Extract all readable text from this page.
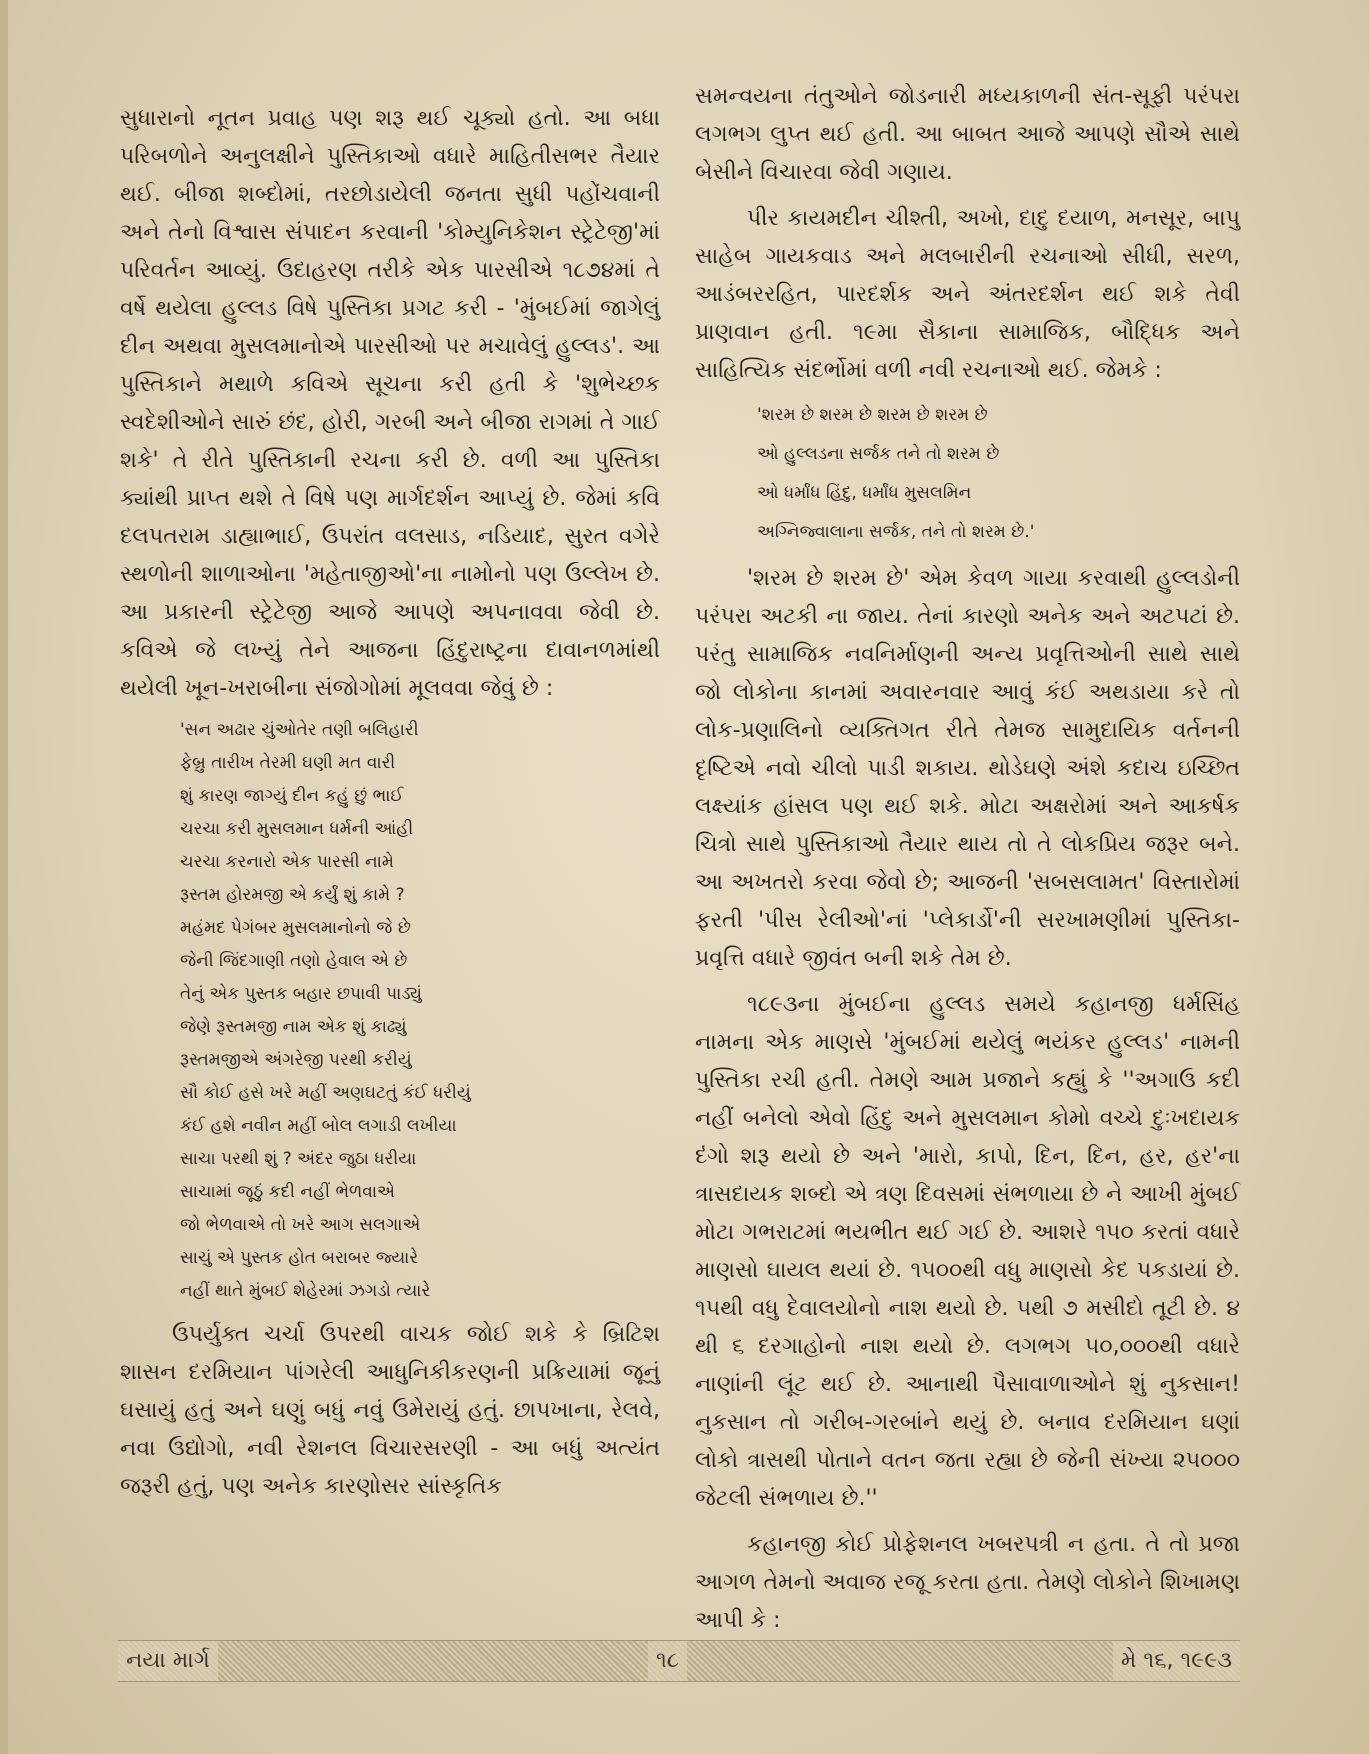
સુધારાનો નૂતન પ્રવાહ પણ શરૂ થઈ ચૂક્યો હતો. આ બધા પરિબળોને અનુલક્ષીને પુસ્તિકાઓ વધારે માહિતીસભર તૈયાર થઈ. બીજા શબ્દોમાં, તરછોડાયેલી જનતા સુધી પહોંચવાની અને તેનો વિશ્વાસ સંપાદન કરવાની 'કોમ્યુનિકેશન સ્ટ્રેટેજી'માં પરિવર્તન આવ્યું. ઉદાહરણ તરીકે એક પારસીએ ૧૮૭૪માં તે વર્ષે થયેલા હુલ્લડ વિષે પુસ્તિકા પ્રગટ કરી - 'મુંબઈમાં જાગેલું દીન અથવા મુસલમાનોએ પારસીઓ પર મચાવેલું હુલ્લડ'. આ પુસ્તિકાને મથાળે કવિએ સૂચના કરી હતી કે 'શુભેચ્છક સ્વદેશીઓને સારું છંદ, હોરી, ગરબી અને બીજા રાગમાં તે ગાઈ શકે' તે રીતે પુસ્તિકાની રચના કરી છે. વળી આ પુસ્તિકા ક્યાંથી પ્રાપ્ત થશે તે વિષે પણ માર્ગદર્શન આપ્યું છે. જેમાં કવિ દલપતરામ ડાહ્યાભાઈ, ઉપરાંત વલસાડ, નડિયાદ, સુરત વગેરે સ્થળોની શાળાઓના 'મહેતાજીઓ'ના નામોનો પણ ઉલ્લેખ છે. આ પ્રકારની સ્ટ્રેટેજી આજે આપણે અપનાવવા જેવી છે. કવિએ જે લખ્યું તેને આજના હિંદુરાષ્ટ્રના દાવાનળમાંથી થયેલી ખૂન-ખરાબીના સંજોગોમાં મૂલવવા જેવું છે :

'સન અઢાર ચુંઓતેર તણી બલિહારી
ફેબ્રુ તારીખ તેરમી ઘણી મત વારી
શું કારણ જાગ્યું દીન કહું છું ભાઈ
ચરચા કરી મુસલમાન ધર્મની આંહી
ચરચા કરનારો એક પારસી નામે
રૂસ્તમ હોરમજી એ કર્યું શું કામે ?
મહંમદ પેગંબર મુસલમાનોનો જે છે
જેની જિંદગાણી તણો હેવાલ એ છે
તેનું એક પુસ્તક બહાર છપાવી પાડ્યું
જેણે રૂસ્તમજી નામ એક શું કાઢ્યું
રૂસ્તમજીએ અંગરેજી પરથી કરીયું
સૌ કોઈ હસે ખરે મહીં અણઘટતું કંઈ ધરીયું
કંઈ હશે નવીન મહીં બોલ લગાડી લખીયા
સાચા પરથી શું ? અંદર જુઠા ધરીયા
સાચામાં જૂઠું કદી નહીં ભેળવાએ
જો ભેળવાએ તો ખરે આગ સલગાએ
સાચું એ પુસ્તક હોત બરાબર જ્યારે
નહીં થાતે મુંબઈ શેહેરમાં ઝગડો ત્યારે

ઉપર્યુક્ત ચર્ચા ઉપરથી વાચક જોઈ શકે કે બ્રિટિશ શાસન દરમિયાન પાંગરેલી આધુનિકીકરણની પ્રક્રિયામાં જૂનું ઘસાયું હતું અને ઘણું બધું નવું ઉમેરાયું હતું. છાપખાના, રેલવે, નવા ઉદ્યોગો, નવી રેશનલ વિચારસરણી - આ બધું અત્યંત જરૂરી હતું, પણ અનેક કારણોસર સાંસ્કૃતિક

સમન્વયના તંતુઓને જોડનારી મધ્યકાળની સંત-સૂફી પરંપરા લગભગ લુપ્ત થઈ હતી. આ બાબત આજે આપણે સૌએ સાથે બેસીને વિચારવા જેવી ગણાય.

પીર કાયમદીન ચીશ્તી, અખો, દાદુ દયાળ, મનસૂર, બાપુ સાહેબ ગાયકવાડ અને મલબારીની રચનાઓ સીધી, સરળ, આડંબરરહિત, પારદર્શક અને અંતરદર્શન થઈ શકે તેવી પ્રાણવાન હતી. ૧૯મા સૈકાના સામાજિક, બૌદ્ધિક અને સાહિત્યિક સંદર્ભોમાં વળી નવી રચનાઓ થઈ. જેમકે :

'શરમ છે શરમ છે શરમ છે શરમ છે
ઓ હુલ્લડના સર્જક તને તો શરમ છે
ઓ ધર્માંધ હિંદુ, ધર્માંધ મુસલમિન
અગ્નિજ્વાલાના સર્જક, તને તો શરમ છે.'

'શરમ છે શરમ છે' એમ કેવળ ગાયા કરવાથી હુલ્લડોની પરંપરા અટકી ના જાય. તેનાં કારણો અનેક અને અટપટાં છે. પરંતુ સામાજિક નવનિર્માણની અન્ય પ્રવૃત્તિઓની સાથે સાથે જો લોકોના કાનમાં અવારનવાર આવું કંઈ અથડાયા કરે તો લોક-પ્રણાલિનો વ્યક્તિગત રીતે તેમજ સામુદાયિક વર્તનની દૃષ્ટિએ નવો ચીલો પાડી શકાય. થોડેઘણે અંશે કદાચ ઇચ્છિત લક્ષ્યાંક હાંસલ પણ થઈ શકે. મોટા અક્ષરોમાં અને આકર્ષક ચિત્રો સાથે પુસ્તિકાઓ તૈયાર થાય તો તે લોકપ્રિય જરૂર બને. આ અખતરો કરવા જેવો છે; આજની 'સબસલામત' વિસ્તારોમાં ફરતી 'પીસ રેલીઓ'નાં 'પ્લેકાર્ડો'ની સરખામણીમાં પુસ્તિકા-પ્રવૃત્તિ વધારે જીવંત બની શકે તેમ છે.

૧૮૯૩ના મુંબઈના હુલ્લડ સમયે કહાનજી ધર્મસિંહ નામના એક માણસે 'મુંબઈમાં થયેલું ભયંકર હુલ્લડ' નામની પુસ્તિકા રચી હતી. તેમણે આમ પ્રજાને કહ્યું કે ''અગાઉ કદી નહીં બનેલો એવો હિંદુ અને મુસલમાન કોમો વચ્ચે દુઃખદાયક દંગો શરૂ થયો છે અને 'મારો, કાપો, દિન, દિન, હર, હર'ના ત્રાસદાયક શબ્દો એ ત્રણ દિવસમાં સંભળાયા છે ને આખી મુંબઈ મોટા ગભરાટમાં ભયભીત થઈ ગઈ છે. આશરે ૧૫૦ કરતાં વધારે માણસો ઘાયલ થયાં છે. ૧૫૦૦થી વધુ માણસો કેદ પકડાયાં છે. ૧૫થી વધુ દેવાલયોનો નાશ થયો છે. ૫થી ૭ મસીદો તૂટી છે. ૪ થી ૬ દરગાહોનો નાશ થયો છે. લગભગ ૫૦,૦૦૦થી વધારે નાણાંની લૂંટ થઈ છે. આનાથી પૈસાવાળાઓને શું નુકસાન! નુકસાન તો ગરીબ-ગરબાંને થયું છે. બનાવ દરમિયાન ઘણાં લોકો ત્રાસથી પોતાને વતન જતા રહ્યા છે જેની સંખ્યા ૨૫૦૦૦ જેટલી સંભળાય છે.''

કહાનજી કોઈ પ્રોફેશનલ ખબરપત્રી ન હતા. તે તો પ્રજા આગળ તેમનો અવાજ રજૂ કરતા હતા. તેમણે લોકોને શિખામણ આપી કે :

નયા માર્ગ	૧૮	મે ૧૬, ૧૯૯૩
